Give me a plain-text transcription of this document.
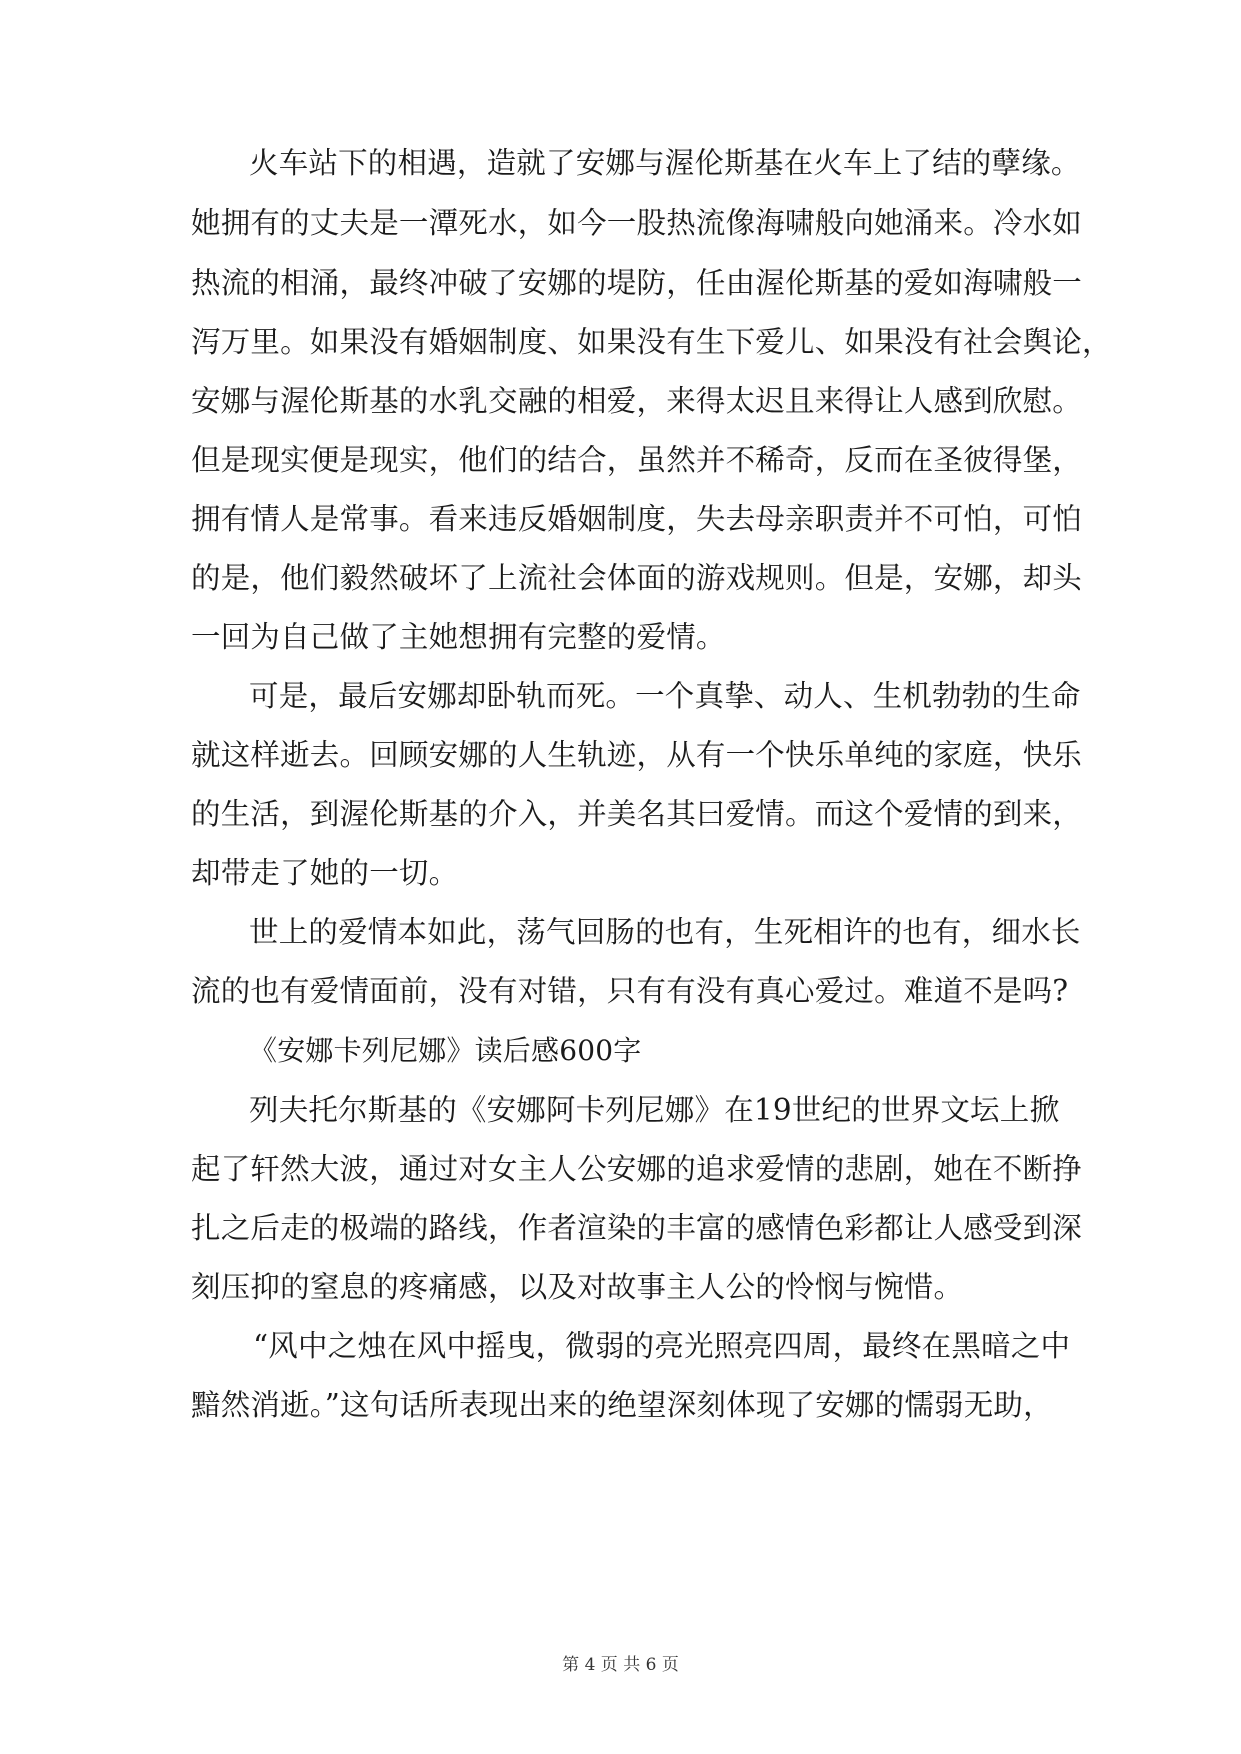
火车站下的相遇，造就了安娜与渥伦斯基在火车上了结的孽缘。
她拥有的丈夫是一潭死水，如今一股热流像海啸般向她涌来。冷水如
热流的相涌，最终冲破了安娜的堤防，任由渥伦斯基的爱如海啸般一
泻万里。如果没有婚姻制度、如果没有生下爱儿、如果没有社会舆论，
安娜与渥伦斯基的水乳交融的相爱，来得太迟且来得让人感到欣慰。
但是现实便是现实，他们的结合，虽然并不稀奇，反而在圣彼得堡，
拥有情人是常事。看来违反婚姻制度，失去母亲职责并不可怕，可怕
的是，他们毅然破坏了上流社会体面的游戏规则。但是，安娜，却头
一回为自己做了主她想拥有完整的爱情。
可是，最后安娜却卧轨而死。一个真挚、动人、生机勃勃的生命
就这样逝去。回顾安娜的人生轨迹，从有一个快乐单纯的家庭，快乐
的生活，到渥伦斯基的介入，并美名其曰爱情。而这个爱情的到来，
却带走了她的一切。
世上的爱情本如此，荡气回肠的也有，生死相许的也有，细水长
流的也有爱情面前，没有对错，只有有没有真心爱过。难道不是吗?
《安娜卡列尼娜》读后感600字
列夫托尔斯基的《安娜阿卡列尼娜》在19世纪的世界文坛上掀
起了轩然大波，通过对女主人公安娜的追求爱情的悲剧，她在不断挣
扎之后走的极端的路线，作者渲染的丰富的感情色彩都让人感受到深
刻压抑的窒息的疼痛感，以及对故事主人公的怜悯与惋惜。
“风中之烛在风中摇曳，微弱的亮光照亮四周，最终在黑暗之中
黯然消逝。”这句话所表现出来的绝望深刻体现了安娜的懦弱无助，
第 4 页 共 6 页
